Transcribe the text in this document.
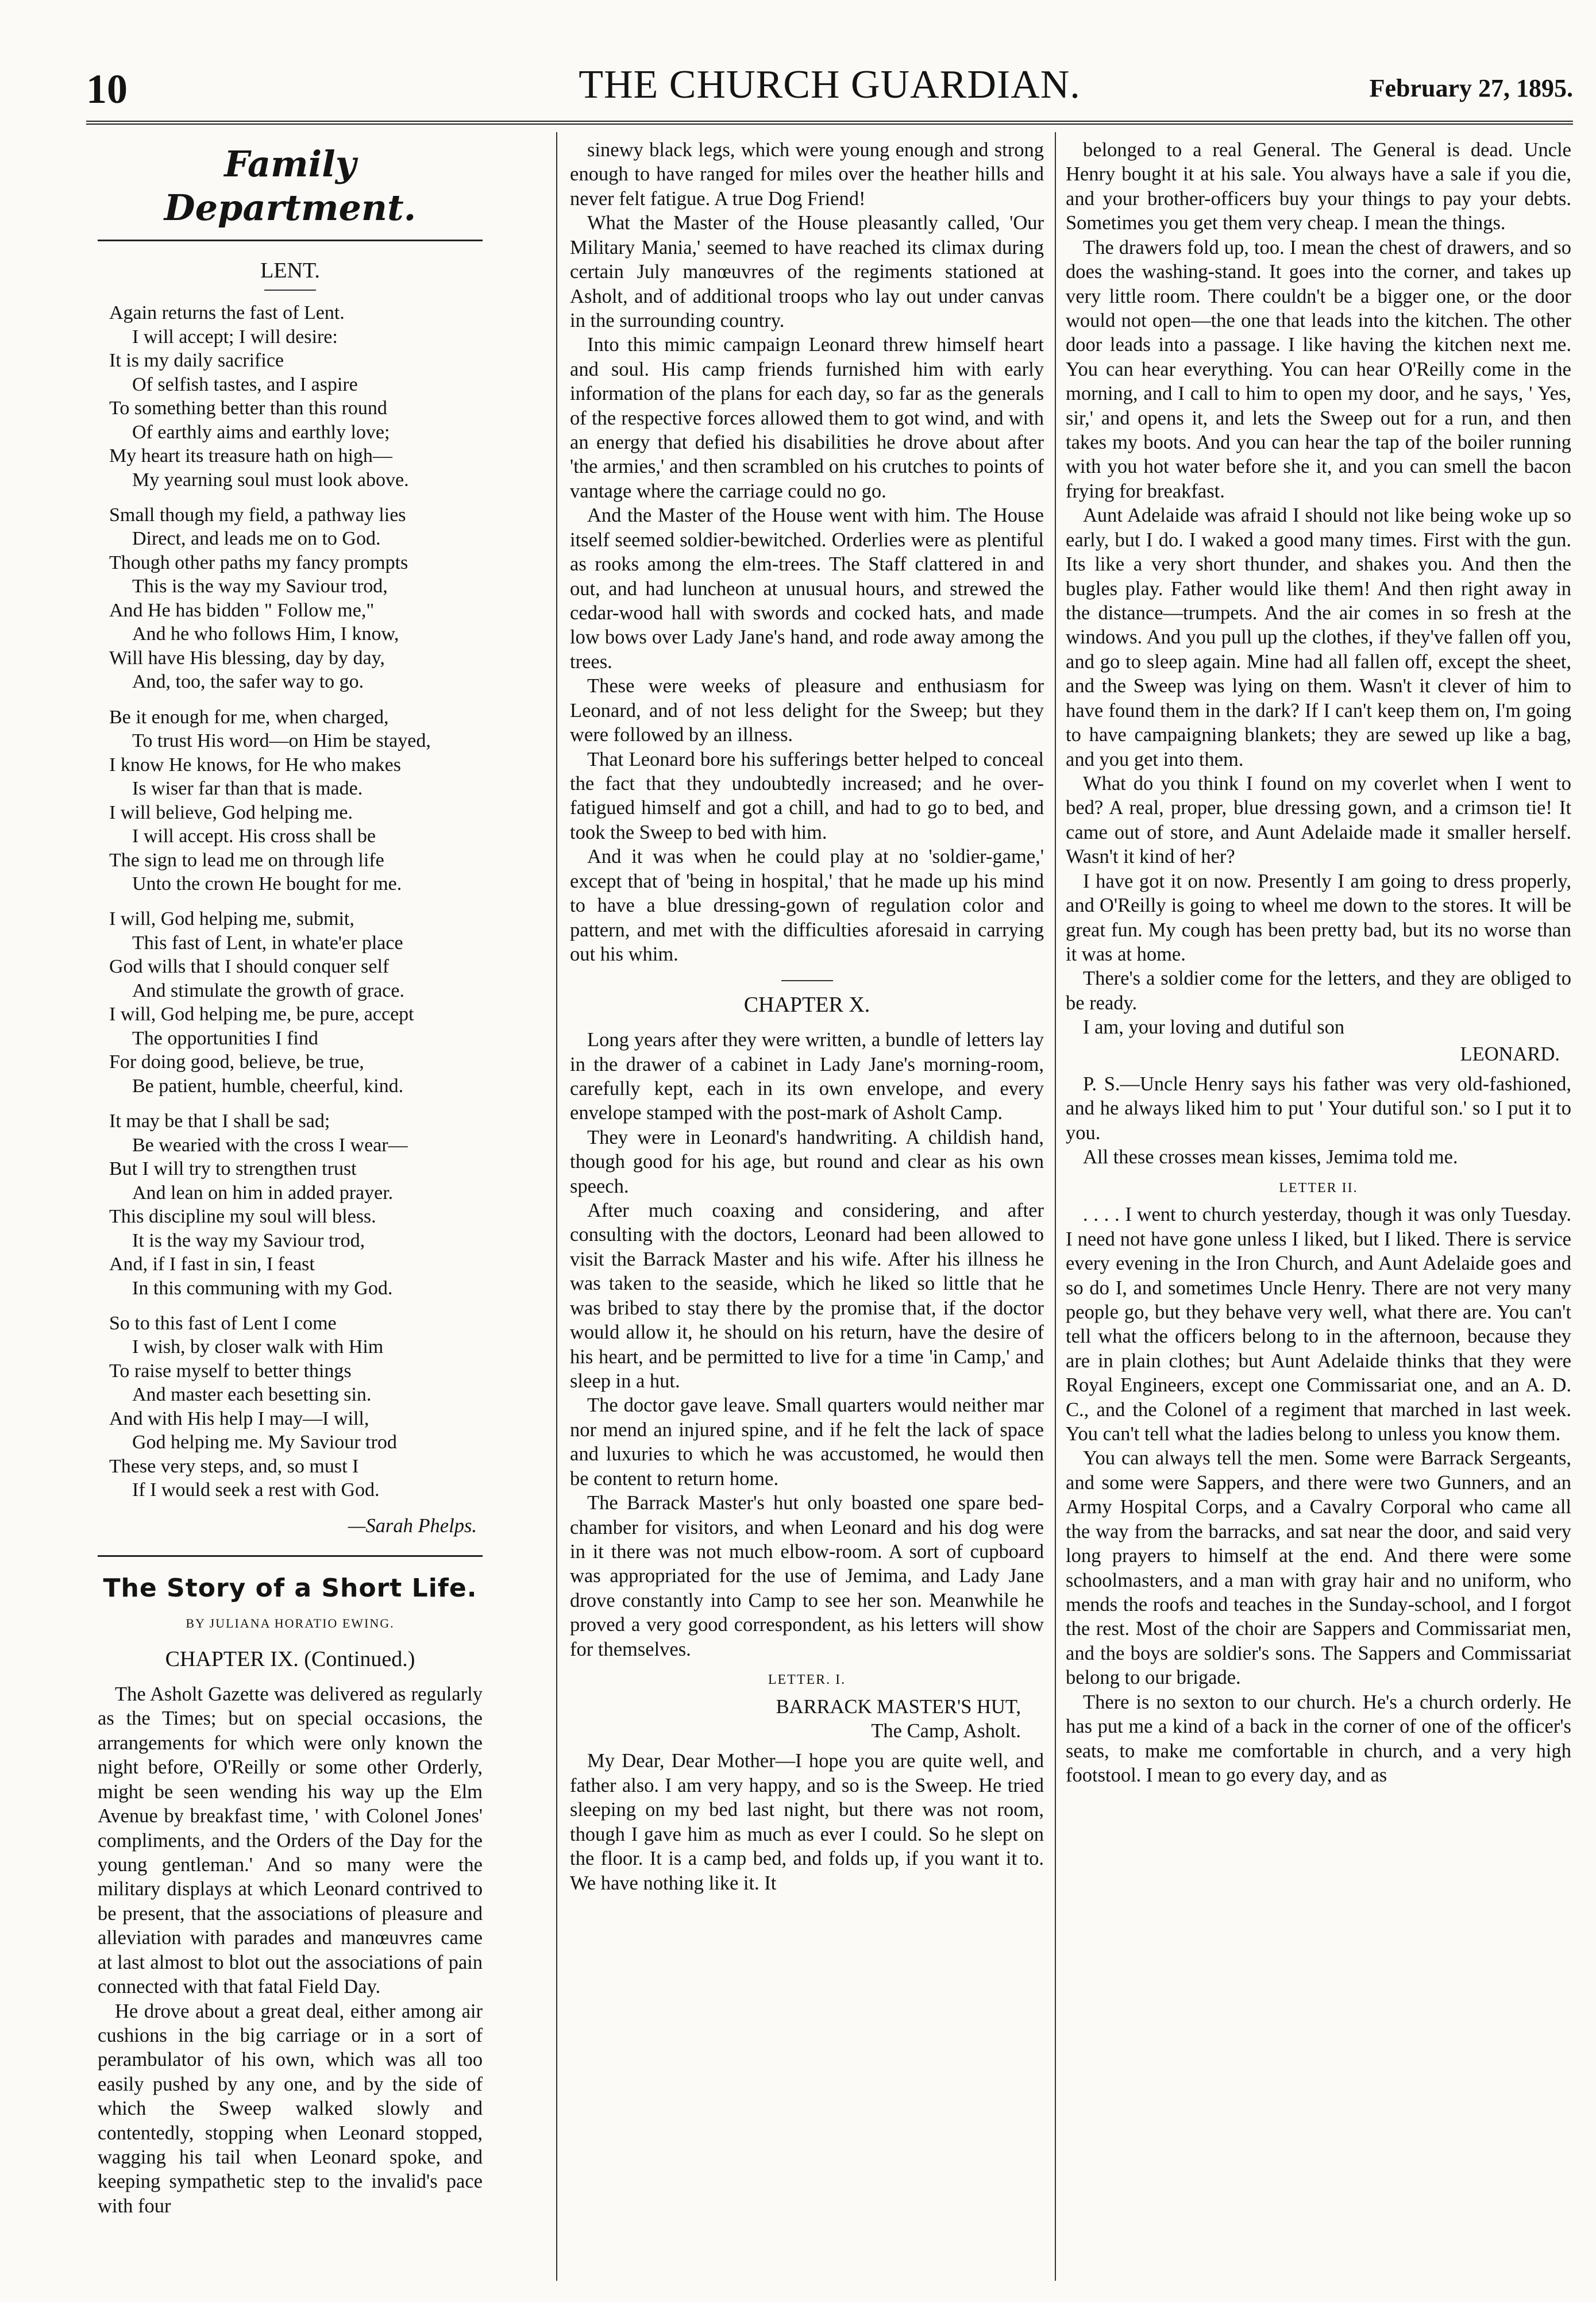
10	THE CHURCH GUARDIAN.	February 27, 1895.
Family Department.
LENT.
Again returns the fast of Lent.
I will accept; I will desire:
It is my daily sacrifice
Of selfish tastes, and I aspire
To something better than this round
Of earthly aims and earthly love;
My heart its treasure hath on high—
My yearning soul must look above.
Small though my field, a pathway lies
Direct, and leads me on to God.
Though other paths my fancy prompts
This is the way my Saviour trod,
And He has bidden " Follow me,"
And he who follows Him, I know,
Will have His blessing, day by day,
And, too, the safer way to go.
Be it enough for me, when charged,
To trust His word—on Him be stayed,
I know He knows, for He who makes
Is wiser far than that is made.
I will believe, God helping me.
I will accept. His cross shall be
The sign to lead me on through life
Unto the crown He bought for me.
I will, God helping me, submit,
This fast of Lent, in whate'er place
God wills that I should conquer self
And stimulate the growth of grace.
I will, God helping me, be pure, accept
The opportunities I find
For doing good, believe, be true,
Be patient, humble, cheerful, kind.
It may be that I shall be sad;
Be wearied with the cross I wear—
But I will try to strengthen trust
And lean on him in added prayer.
This discipline my soul will bless.
It is the way my Saviour trod,
And, if I fast in sin, I feast
In this communing with my God.
So to this fast of Lent I come
I wish, by closer walk with Him
To raise myself to better things
And master each besetting sin.
And with His help I may—I will,
God helping me. My Saviour trod
These very steps, and, so must I
If I would seek a rest with God.
—Sarah Phelps.
The Story of a Short Life.
BY JULIANA HORATIO EWING.
CHAPTER IX. (Continued.)

The Asholt Gazette was delivered as regularly as the Times; but on special occasions, the arrangements for which were only known the night before, O'Reilly or some other Orderly, might be seen wending his way up the Elm Avenue by breakfast time, ' with Colonel Jones' compliments, and the Orders of the Day for the young gentleman.' And so many were the military displays at which Leonard contrived to be present, that the associations of pleasure and alleviation with parades and manœuvres came at last almost to blot out the associations of pain connected with that fatal Field Day.

He drove about a great deal, either among air cushions in the big carriage or in a sort of perambulator of his own, which was all too easily pushed by any one, and by the side of which the Sweep walked slowly and contentedly, stopping when Leonard stopped, wagging his tail when Leonard spoke, and keeping sympathetic step to the invalid's pace with four

sinewy black legs, which were young enough and strong enough to have ranged for miles over the heather hills and never felt fatigue. A true Dog Friend!

What the Master of the House pleasantly called, 'Our Military Mania,' seemed to have reached its climax during certain July manœuvres of the regiments stationed at Asholt, and of additional troops who lay out under canvas in the surrounding country.

Into this mimic campaign Leonard threw himself heart and soul. His camp friends furnished him with early information of the plans for each day, so far as the generals of the respective forces allowed them to got wind, and with an energy that defied his disabilities he drove about after 'the armies,' and then scrambled on his crutches to points of vantage where the carriage could no go.

And the Master of the House went with him. The House itself seemed soldier-bewitched. Orderlies were as plentiful as rooks among the elm-trees. The Staff clattered in and out, and had luncheon at unusual hours, and strewed the cedar-wood hall with swords and cocked hats, and made low bows over Lady Jane's hand, and rode away among the trees.

These were weeks of pleasure and enthusiasm for Leonard, and of not less delight for the Sweep; but they were followed by an illness.

That Leonard bore his sufferings better helped to conceal the fact that they undoubtedly increased; and he over-fatigued himself and got a chill, and had to go to bed, and took the Sweep to bed with him.

And it was when he could play at no 'soldier-game,' except that of 'being in hospital,' that he made up his mind to have a blue dressing-gown of regulation color and pattern, and met with the difficulties aforesaid in carrying out his whim.

CHAPTER X.

Long years after they were written, a bundle of letters lay in the drawer of a cabinet in Lady Jane's morning-room, carefully kept, each in its own envelope, and every envelope stamped with the post-mark of Asholt Camp.

They were in Leonard's handwriting. A childish hand, though good for his age, but round and clear as his own speech.

After much coaxing and considering, and after consulting with the doctors, Leonard had been allowed to visit the Barrack Master and his wife. After his illness he was taken to the seaside, which he liked so little that he was bribed to stay there by the promise that, if the doctor would allow it, he should on his return, have the desire of his heart, and be permitted to live for a time 'in Camp,' and sleep in a hut.

The doctor gave leave. Small quarters would neither mar nor mend an injured spine, and if he felt the lack of space and luxuries to which he was accustomed, he would then be content to return home.

The Barrack Master's hut only boasted one spare bed-chamber for visitors, and when Leonard and his dog were in it there was not much elbow-room. A sort of cupboard was appropriated for the use of Jemima, and Lady Jane drove constantly into Camp to see her son. Meanwhile he proved a very good correspondent, as his letters will show for themselves.

LETTER. I.
BARRACK MASTER'S HUT,
The Camp, Asholt.

My Dear, Dear Mother—I hope you are quite well, and father also. I am very happy, and so is the Sweep. He tried sleeping on my bed last night, but there was not room, though I gave him as much as ever I could. So he slept on the floor. It is a camp bed, and folds up, if you want it to. We have nothing like it. It

belonged to a real General. The General is dead. Uncle Henry bought it at his sale. You always have a sale if you die, and your brother-officers buy your things to pay your debts. Sometimes you get them very cheap. I mean the things.

The drawers fold up, too. I mean the chest of drawers, and so does the washing-stand. It goes into the corner, and takes up very little room. There couldn't be a bigger one, or the door would not open—the one that leads into the kitchen. The other door leads into a passage. I like having the kitchen next me. You can hear everything. You can hear O'Reilly come in the morning, and I call to him to open my door, and he says, ' Yes, sir,' and opens it, and lets the Sweep out for a run, and then takes my boots. And you can hear the tap of the boiler running with you hot water before she it, and you can smell the bacon frying for breakfast.

Aunt Adelaide was afraid I should not like being woke up so early, but I do. I waked a good many times. First with the gun. Its like a very short thunder, and shakes you. And then the bugles play. Father would like them! And then right away in the distance—trumpets. And the air comes in so fresh at the windows. And you pull up the clothes, if they've fallen off you, and go to sleep again. Mine had all fallen off, except the sheet, and the Sweep was lying on them. Wasn't it clever of him to have found them in the dark? If I can't keep them on, I'm going to have campaigning blankets; they are sewed up like a bag, and you get into them.

What do you think I found on my coverlet when I went to bed? A real, proper, blue dressing gown, and a crimson tie! It came out of store, and Aunt Adelaide made it smaller herself. Wasn't it kind of her?

I have got it on now. Presently I am going to dress properly, and O'Reilly is going to wheel me down to the stores. It will be great fun. My cough has been pretty bad, but its no worse than it was at home.

There's a soldier come for the letters, and they are obliged to be ready.

I am, your loving and dutiful son

LEONARD.

P. S.—Uncle Henry says his father was very old-fashioned, and he always liked him to put ' Your dutiful son.' so I put it to you.

All these crosses mean kisses, Jemima told me.

LETTER II.

. . . . I went to church yesterday, though it was only Tuesday. I need not have gone unless I liked, but I liked. There is service every evening in the Iron Church, and Aunt Adelaide goes and so do I, and sometimes Uncle Henry. There are not very many people go, but they behave very well, what there are. You can't tell what the officers belong to in the afternoon, because they are in plain clothes; but Aunt Adelaide thinks that they were Royal Engineers, except one Commissariat one, and an A. D. C., and the Colonel of a regiment that marched in last week. You can't tell what the ladies belong to unless you know them.

You can always tell the men. Some were Barrack Sergeants, and some were Sappers, and there were two Gunners, and an Army Hospital Corps, and a Cavalry Corporal who came all the way from the barracks, and sat near the door, and said very long prayers to himself at the end. And there were some schoolmasters, and a man with gray hair and no uniform, who mends the roofs and teaches in the Sunday-school, and I forgot the rest. Most of the choir are Sappers and Commissariat men, and the boys are soldier's sons. The Sappers and Commissariat belong to our brigade.

There is no sexton to our church. He's a church orderly. He has put me a kind of a back in the corner of one of the officer's seats, to make me comfortable in church, and a very high footstool. I mean to go every day, and as
